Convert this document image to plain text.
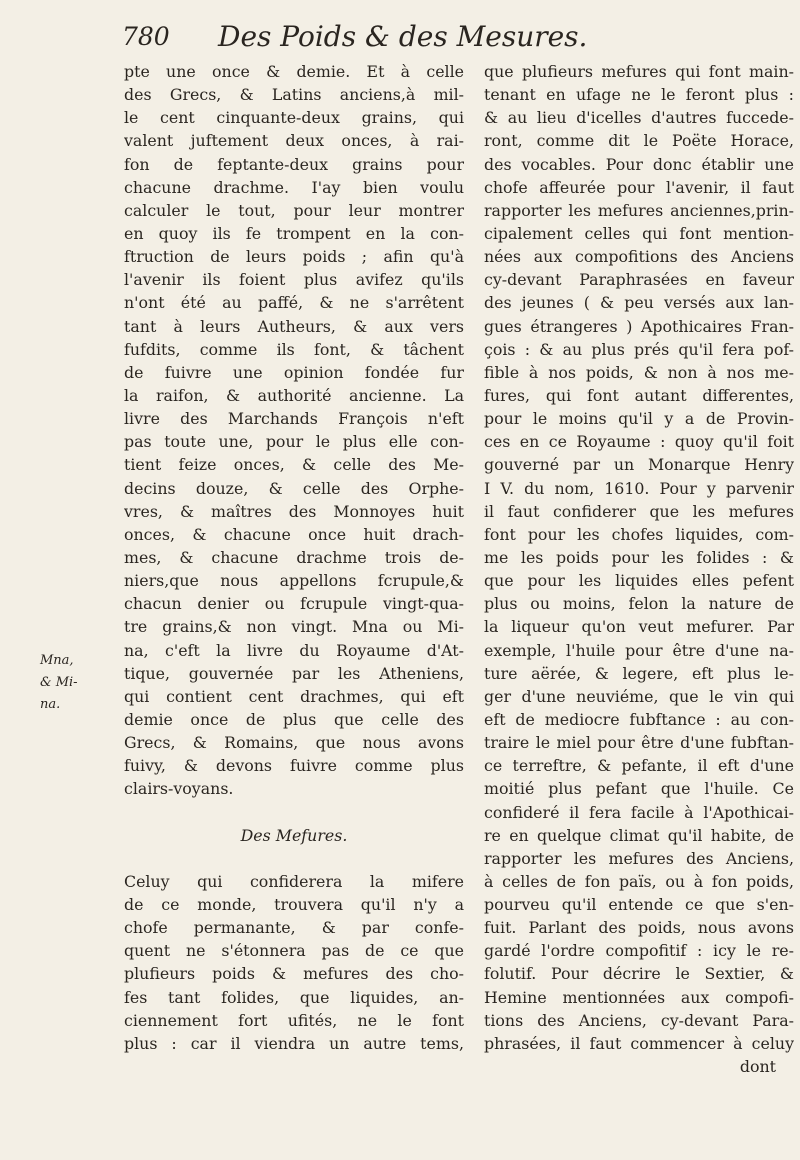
780 Des Poids & des Mesures.
Mna,
& Mi-
na.
pte une once & demie. Et à celle
des Grecs, & Latins anciens,à mil-
le cent cinquante-deux grains, qui
valent juftement deux onces, à rai-
fon de feptante-deux grains pour
chacune drachme. I'ay bien voulu
calculer le tout, pour leur montrer
en quoy ils fe trompent en la con-
ftruction de leurs poids ; afin qu'à
l'avenir ils foient plus avifez qu'ils
n'ont été au paffé, & ne s'arrêtent
tant à leurs Autheurs, & aux vers
fufdits, comme ils font, & tâchent
de fuivre une opinion fondée fur
la raifon, & authorité ancienne. La
livre des Marchands François n'eft
pas toute une, pour le plus elle con-
tient feize onces, & celle des Me-
decins douze, & celle des Orphe-
vres, & maîtres des Monnoyes huit
onces, & chacune once huit drach-
mes, & chacune drachme trois de-
niers,que nous appellons fcrupule,&
chacun denier ou fcrupule vingt-qua-
tre grains,& non vingt. Mna ou Mi-
na, c'eft la livre du Royaume d'At-
tique, gouvernée par les Atheniens,
qui contient cent drachmes, qui eft
demie once de plus que celle des
Grecs, & Romains, que nous avons
fuivy, & devons fuivre comme plus
clairs-voyans.
Des Mefures.
Celuy qui confiderera la mifere
de ce monde, trouvera qu'il n'y a
chofe permanante, & par confe-
quent ne s'étonnera pas de ce que
plufieurs poids & mefures des cho-
fes tant folides, que liquides, an-
ciennement fort ufités, ne le font
plus : car il viendra un autre tems,
que plufieurs mefures qui font main-
tenant en ufage ne le feront plus :
& au lieu d'icelles d'autres fuccede-
ront, comme dit le Poëte Horace,
des vocables. Pour donc établir une
chofe affeurée pour l'avenir, il faut
rapporter les mefures anciennes,prin-
cipalement celles qui font mention-
nées aux compofitions des Anciens
cy-devant Paraphrasées en faveur
des jeunes ( & peu versés aux lan-
gues étrangeres ) Apothicaires Fran-
çois : & au plus prés qu'il fera pof-
fible à nos poids, & non à nos me-
fures, qui font autant differentes,
pour le moins qu'il y a de Provin-
ces en ce Royaume : quoy qu'il foit
gouverné par un Monarque Henry
I V. du nom, 1610. Pour y parvenir
il faut confiderer que les mefures
font pour les chofes liquides, com-
me les poids pour les folides : &
que pour les liquides elles pefent
plus ou moins, felon la nature de
la liqueur qu'on veut mefurer. Par
exemple, l'huile pour être d'une na-
ture aërée, & legere, eft plus le-
ger d'une neuviéme, que le vin qui
eft de mediocre fubftance : au con-
traire le miel pour être d'une fubftan-
ce terreftre, & pefante, il eft d'une
moitié plus pefant que l'huile. Ce
confideré il fera facile à l'Apothicai-
re en quelque climat qu'il habite, de
rapporter les mefures des Anciens,
à celles de fon païs, ou à fon poids,
pourveu qu'il entende ce que s'en-
fuit. Parlant des poids, nous avons
gardé l'ordre compofitif : icy le re-
folutif. Pour décrire le Sextier, &
Hemine mentionnées aux compofi-
tions des Anciens, cy-devant Para-
phrasées, il faut commencer à celuy
dont
